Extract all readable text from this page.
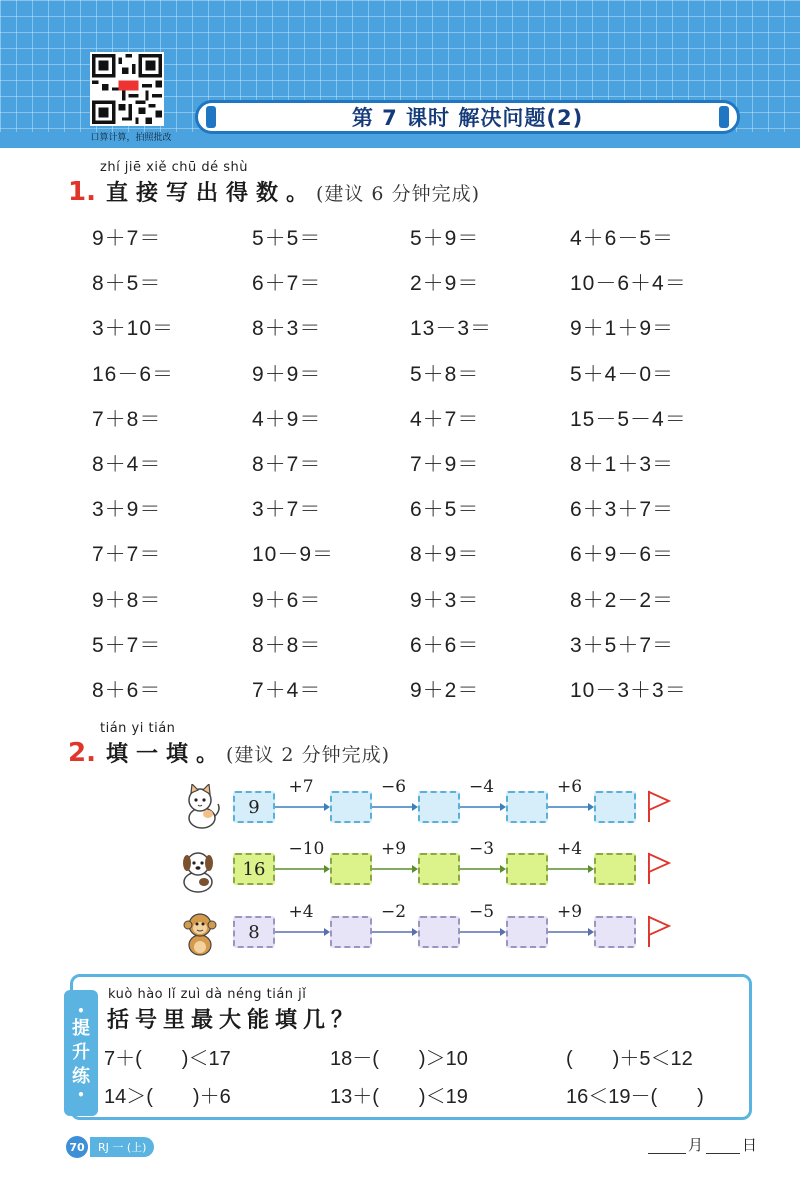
口算计算，拍照批改
第 7 课时 解决问题(2)
zhí jiē xiě chū dé shù
1. 直接写出得数。 (建议 6 分钟完成)
9＋7＝	5＋5＝	5＋9＝	4＋6－5＝
8＋5＝	6＋7＝	2＋9＝	10－6＋4＝
3＋10＝	8＋3＝	13－3＝	9＋1＋9＝
16－6＝	9＋9＝	5＋8＝	5＋4－0＝
7＋8＝	4＋9＝	4＋7＝	15－5－4＝
8＋4＝	8＋7＝	7＋9＝	8＋1＋3＝
3＋9＝	3＋7＝	6＋5＝	6＋3＋7＝
7＋7＝	10－9＝	8＋9＝	6＋9－6＝
9＋8＝	9＋6＝	9＋3＝	8＋2－2＝
5＋7＝	8＋8＝	6＋6＝	3＋5＋7＝
8＋6＝	7＋4＝	9＋2＝	10－3＋3＝
tián yi tián
2. 填一填。 (建议 2 分钟完成)
9
+7	−6	−4	+6
16
−10	+9	−3	+4
8
+4	−2	−5	+9
•
提
升
练
•
kuò hào lǐ zuì dà néng tián jǐ
括号里最大能填几？
7＋(　　)＜17	18－(　　)＞10	(　　)＋5＜12
14＞(　　)＋6	13＋(　　)＜19	16＜19－(　　)
70	RJ 一 (上)	月	日
